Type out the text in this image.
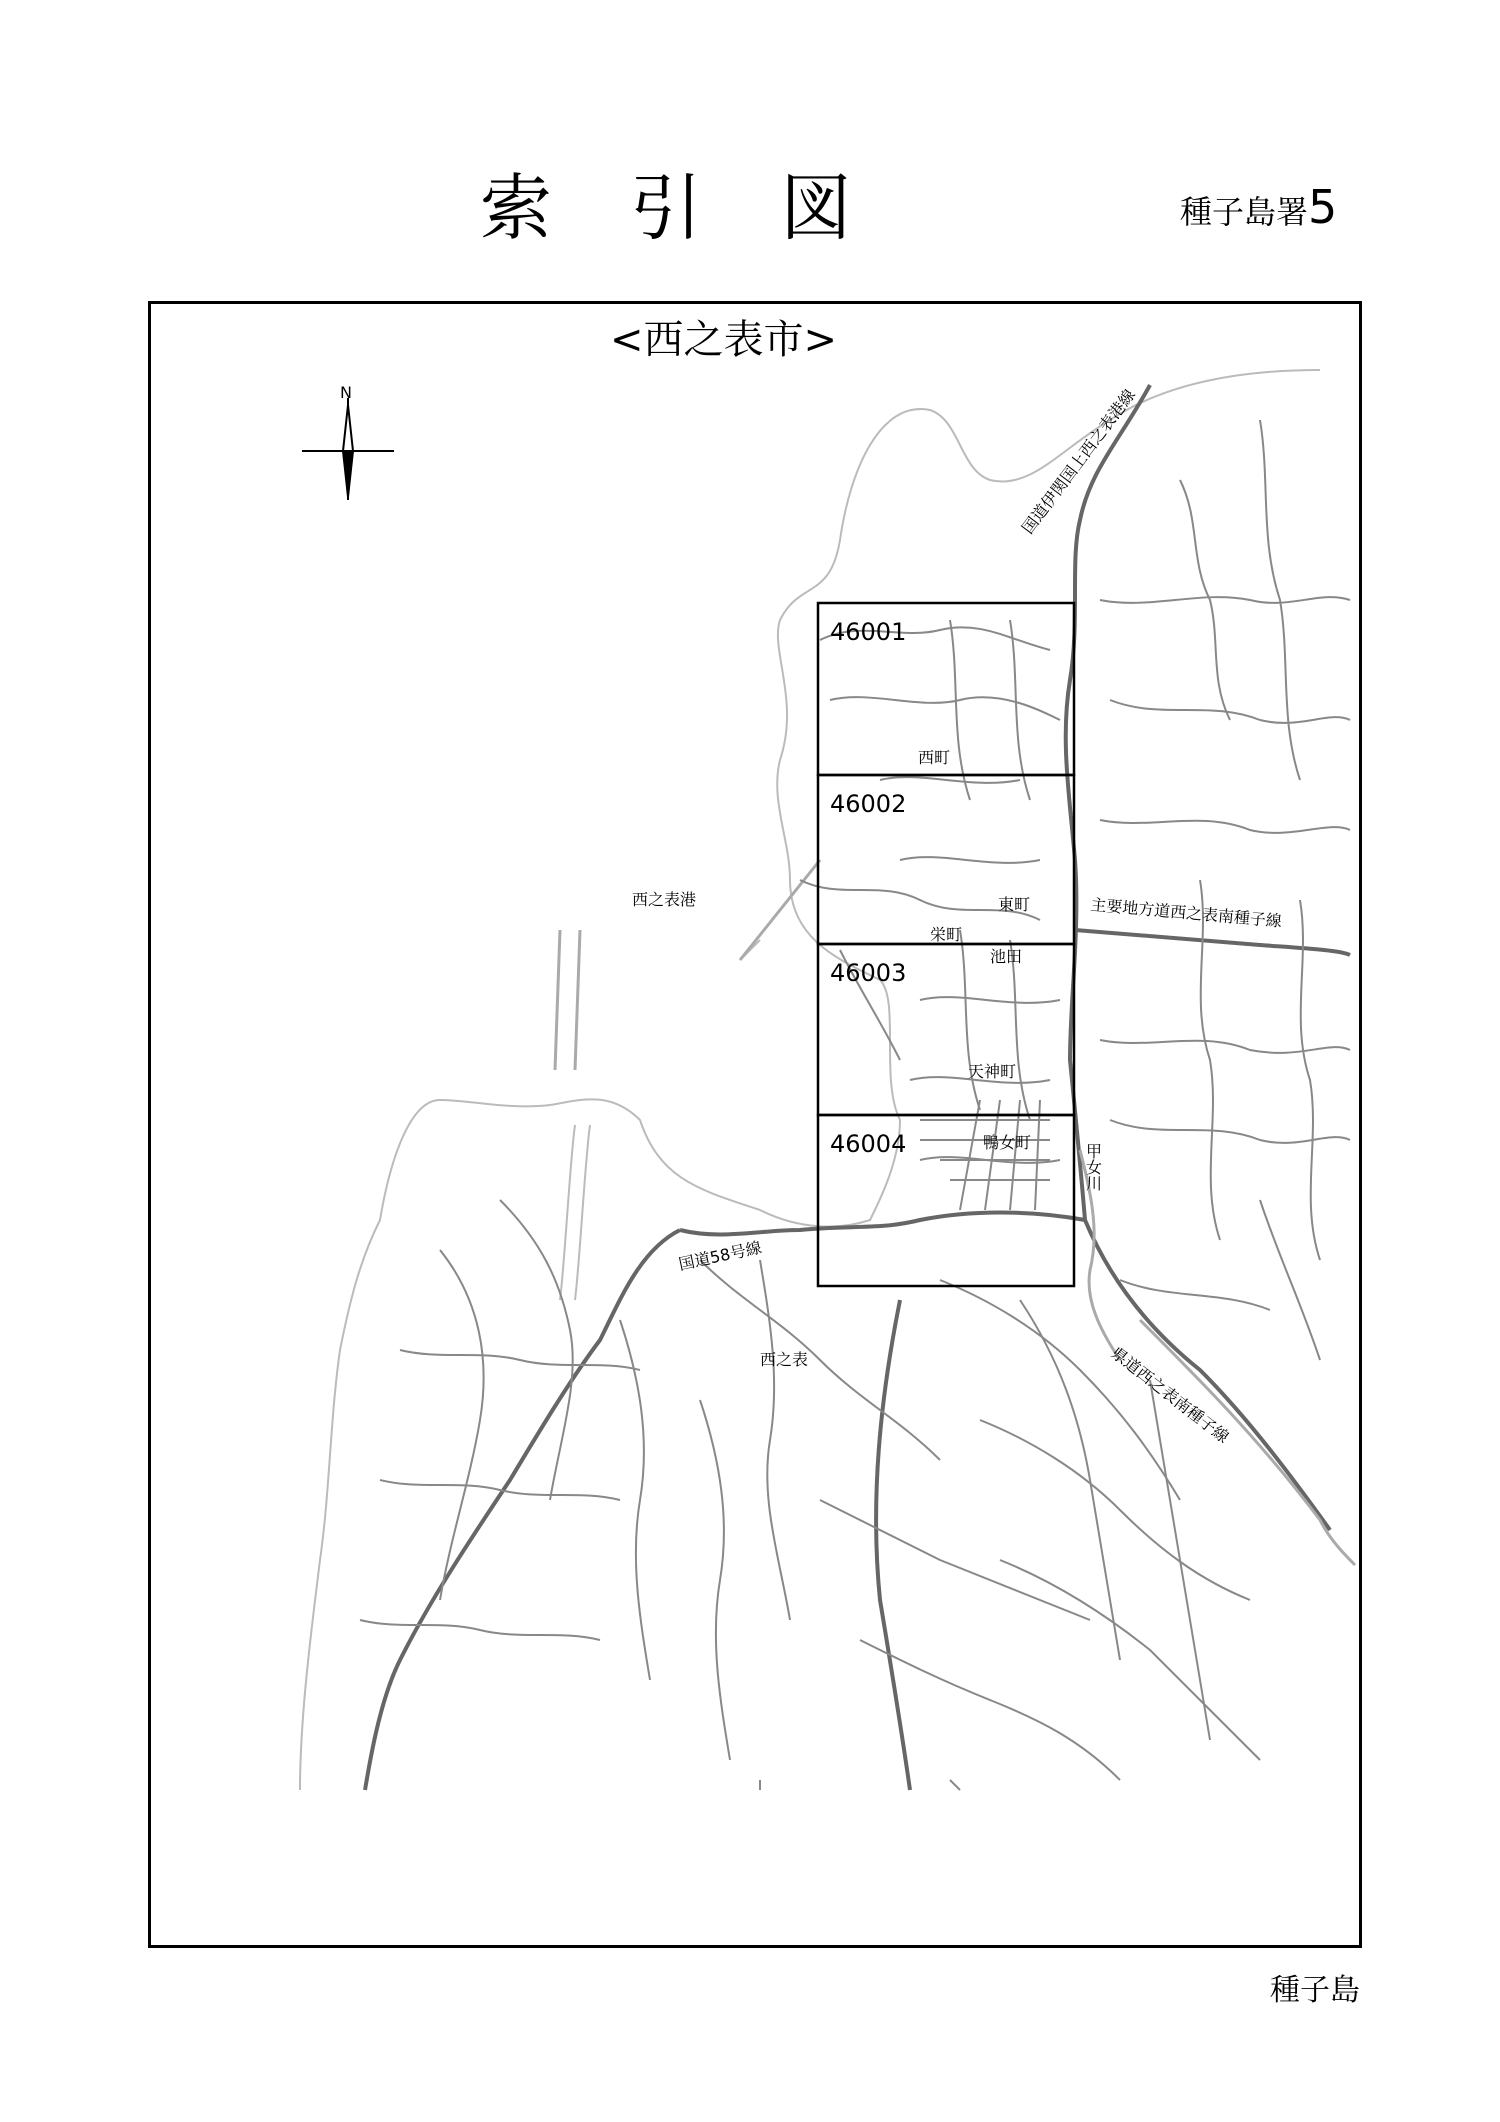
索 引 図	種子島署5
<西之表市>
46001
46002
46003
46004
N
西之表港
西町
東町
栄町
池田
天神町
鴨女町
西之表
甲女川
国道58号線
国道伊関国上西之表港線
主要地方道西之表南種子線
県道西之表南種子線
種子島
